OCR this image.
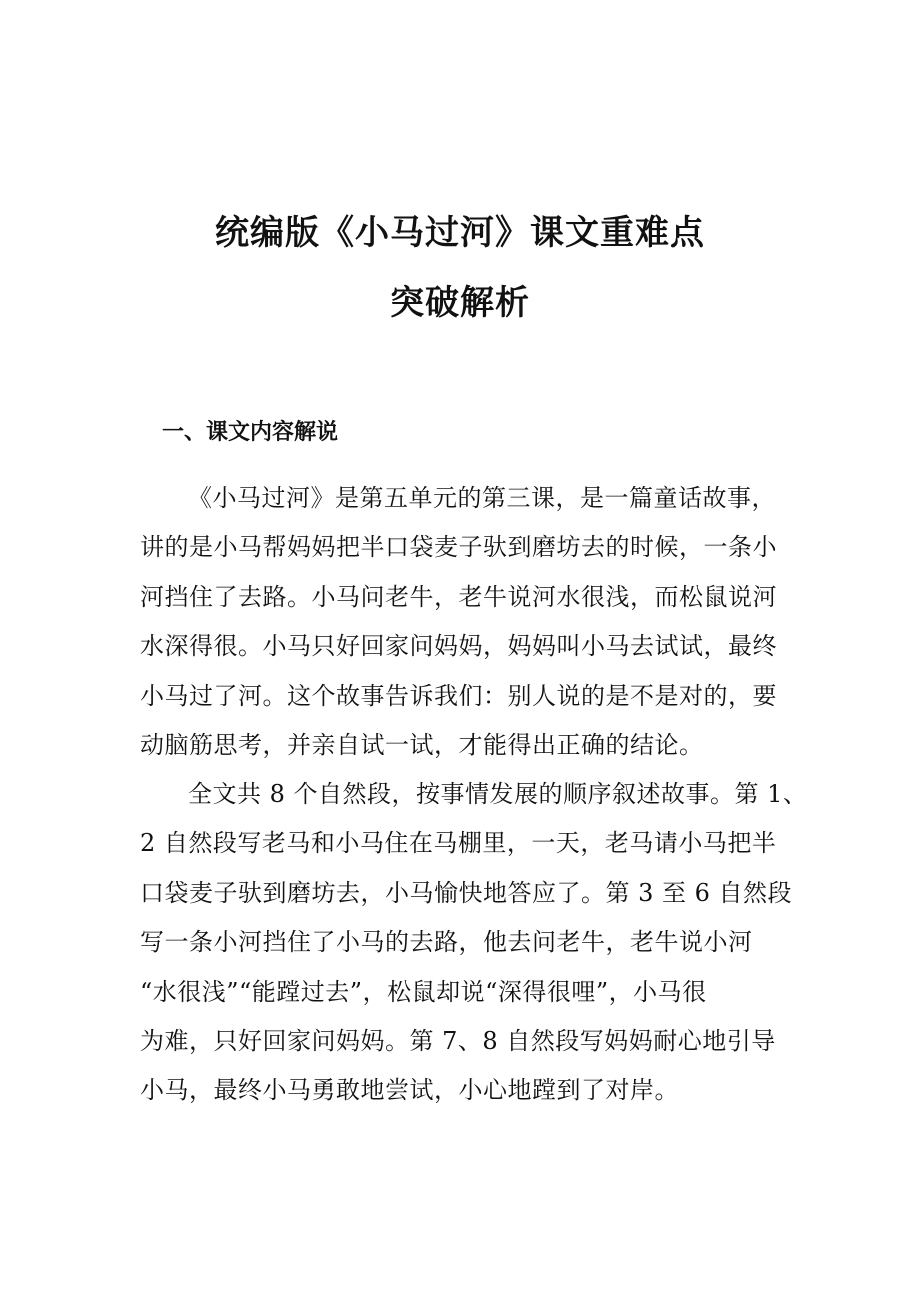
统编版《小马过河》课文重难点
突破解析
一、课文内容解说
《小马过河》是第五单元的第三课，是一篇童话故事，
讲的是小马帮妈妈把半口袋麦子驮到磨坊去的时候，一条小
河挡住了去路。小马问老牛，老牛说河水很浅，而松鼠说河
水深得很。小马只好回家问妈妈，妈妈叫小马去试试，最终
小马过了河。这个故事告诉我们：别人说的是不是对的，要
动脑筋思考，并亲自试一试，才能得出正确的结论。
全文共 8 个自然段，按事情发展的顺序叙述故事。第 1、
2 自然段写老马和小马住在马棚里，一天，老马请小马把半
口袋麦子驮到磨坊去，小马愉快地答应了。第 3 至 6 自然段
写一条小河挡住了小马的去路，他去问老牛，老牛说小河
“水很浅”“能蹚过去”，松鼠却说“深得很哩”，小马很
为难，只好回家问妈妈。第 7、8 自然段写妈妈耐心地引导
小马，最终小马勇敢地尝试，小心地蹚到了对岸。
